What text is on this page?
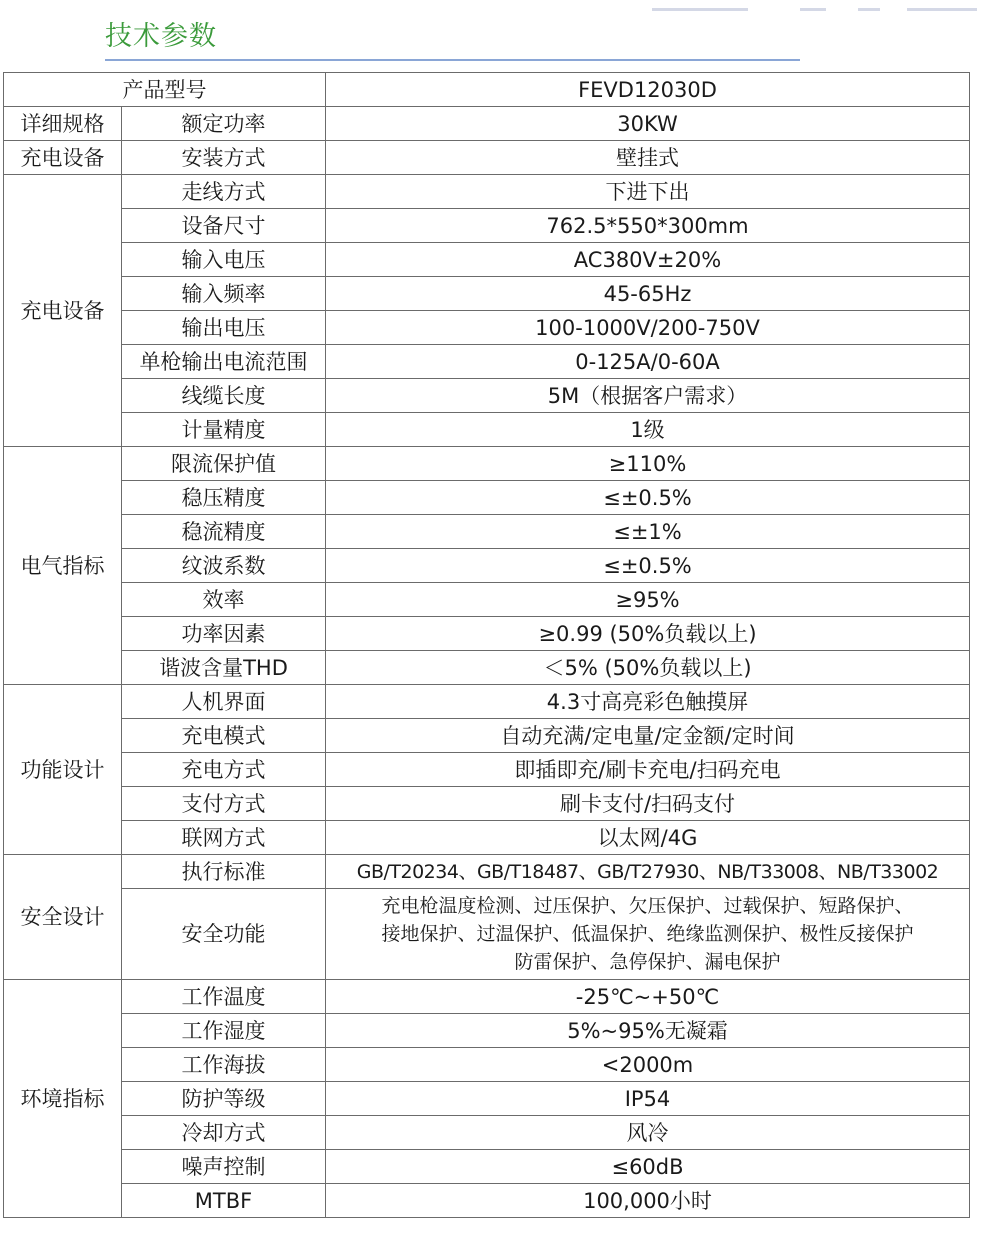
技术参数
产品型号		FEVD12030D
详细规格	额定功率	30KW
充电设备	安装方式	壁挂式
充电设备	走线方式	下进下出
	设备尺寸	762.5*550*300mm
	输入电压	AC380V±20%
	输入频率	45-65Hz
	输出电压	100-1000V/200-750V
	单枪输出电流范围	0-125A/0-60A
	线缆长度	5M（根据客户需求）
	计量精度	1级
电气指标	限流保护值	≥110%
	稳压精度	≤±0.5%
	稳流精度	≤±1%
	纹波系数	≤±0.5%
	效率	≥95%
	功率因素	≥0.99 (50%负载以上)
	谐波含量THD	＜5% (50%负载以上)
功能设计	人机界面	4.3寸高亮彩色触摸屏
	充电模式	自动充满/定电量/定金额/定时间
	充电方式	即插即充/刷卡充电/扫码充电
	支付方式	刷卡支付/扫码支付
	联网方式	以太网/4G
安全设计	执行标准	GB/T20234、GB/T18487、GB/T27930、NB/T33008、NB/T33002
	安全功能	充电枪温度检测、过压保护、欠压保护、过载保护、短路保护、
接地保护、过温保护、低温保护、绝缘监测保护、极性反接保护
防雷保护、急停保护、漏电保护

环境指标	工作温度	-25℃~+50℃
	工作湿度	5%~95%无凝霜
	工作海拔	<2000m
	防护等级	IP54
	冷却方式	风冷
	噪声控制	≤60dB
	MTBF	100,000小时
